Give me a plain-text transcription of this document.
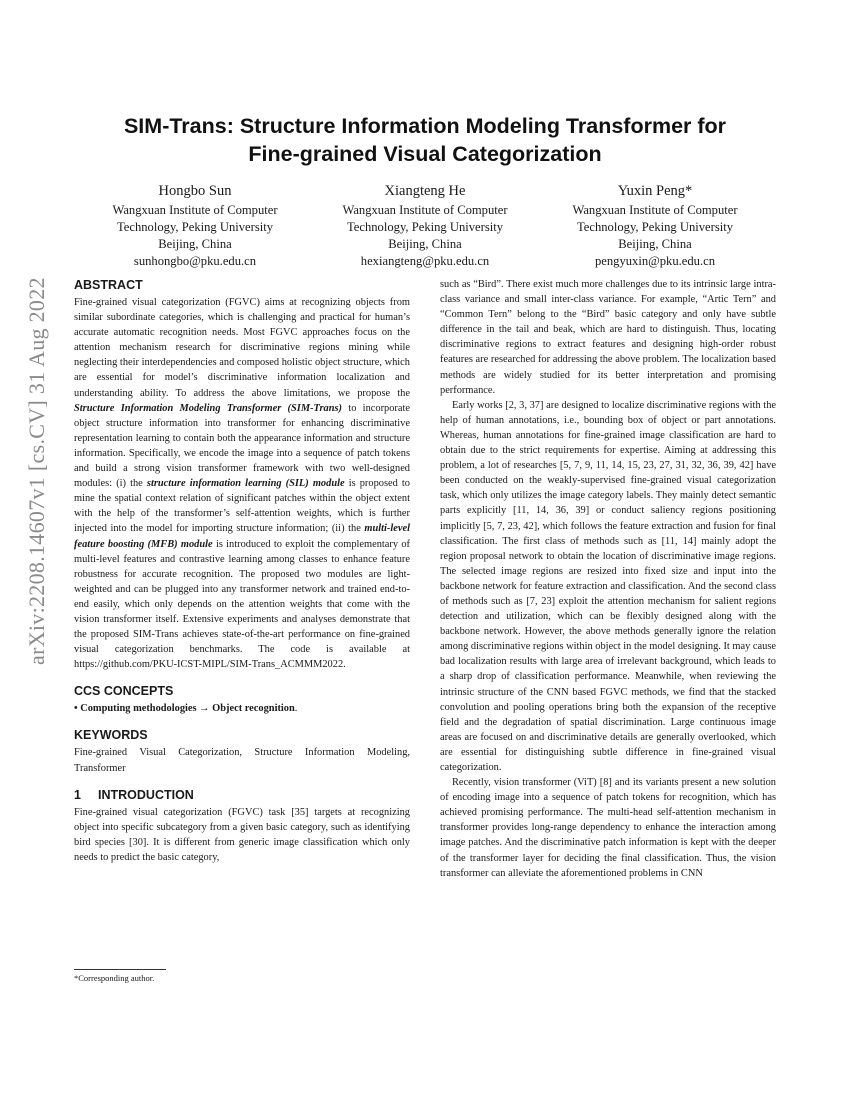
arXiv:2208.14607v1 [cs.CV] 31 Aug 2022
SIM-Trans: Structure Information Modeling Transformer for
Fine-grained Visual Categorization
Hongbo Sun
Wangxuan Institute of Computer
Technology, Peking University
Beijing, China
sunhongbo@pku.edu.cn
Xiangteng He
Wangxuan Institute of Computer
Technology, Peking University
Beijing, China
hexiangteng@pku.edu.cn
Yuxin Peng*
Wangxuan Institute of Computer
Technology, Peking University
Beijing, China
pengyuxin@pku.edu.cn
ABSTRACT

Fine-grained visual categorization (FGVC) aims at recognizing objects from similar subordinate categories, which is challenging and practical for human’s accurate automatic recognition needs. Most FGVC approaches focus on the attention mechanism research for discriminative regions mining while neglecting their interdependencies and composed holistic object structure, which are essential for model’s discriminative information localization and understanding ability. To address the above limitations, we propose the Structure Information Modeling Transformer (SIM-Trans) to incorporate object structure information into transformer for enhancing discriminative representation learning to contain both the appearance information and structure information. Specifically, we encode the image into a sequence of patch tokens and build a strong vision transformer framework with two well-designed modules: (i) the structure information learning (SIL) module is proposed to mine the spatial context relation of significant patches within the object extent with the help of the transformer’s self-attention weights, which is further injected into the model for importing structure information; (ii) the multi-level feature boosting (MFB) module is introduced to exploit the complementary of multi-level features and contrastive learning among classes to enhance feature robustness for accurate recognition. The proposed two modules are light-weighted and can be plugged into any transformer network and trained end-to-end easily, which only depends on the attention weights that come with the vision transformer itself. Extensive experiments and analyses demonstrate that the proposed SIM-Trans achieves state-of-the-art performance on fine-grained visual categorization benchmarks. The code is available at https://github.com/PKU-ICST-MIPL/SIM-Trans_ACMMM2022.

CCS CONCEPTS

• Computing methodologies → Object recognition.

KEYWORDS

Fine-grained Visual Categorization, Structure Information Modeling, Transformer

1 INTRODUCTION

Fine-grained visual categorization (FGVC) task [35] targets at recognizing object into specific subcategory from a given basic category, such as identifying bird species [30]. It is different from generic image classification which only needs to predict the basic category,

*Corresponding author.

such as “Bird”. There exist much more challenges due to its intrinsic large intra-class variance and small inter-class variance. For example, “Artic Tern” and “Common Tern” belong to the “Bird” basic category and only have subtle difference in the tail and beak, which are hard to distinguish. Thus, locating discriminative regions to extract features and designing high-order robust features are researched for addressing the above problem. The localization based methods are widely studied for its better interpretation and promising performance.

Early works [2, 3, 37] are designed to localize discriminative regions with the help of human annotations, i.e., bounding box of object or part annotations. Whereas, human annotations for fine-grained image classification are hard to obtain due to the strict requirements for expertise. Aiming at addressing this problem, a lot of researches [5, 7, 9, 11, 14, 15, 23, 27, 31, 32, 36, 39, 42] have been conducted on the weakly-supervised fine-grained visual categorization task, which only utilizes the image category labels. They mainly detect semantic parts explicitly [11, 14, 36, 39] or conduct saliency regions positioning implicitly [5, 7, 23, 42], which follows the feature extraction and fusion for final classification. The first class of methods such as [11, 14] mainly adopt the region proposal network to obtain the location of discriminative image regions. The selected image regions are resized into fixed size and input into the backbone network for feature extraction and classification. And the second class of methods such as [7, 23] exploit the attention mechanism for salient regions detection and utilization, which can be flexibly designed along with the backbone network. However, the above methods generally ignore the relation among discriminative regions within object in the model designing. It may cause bad localization results with large area of irrelevant background, which leads to a sharp drop of classification performance. Meanwhile, when reviewing the intrinsic structure of the CNN based FGVC methods, we find that the stacked convolution and pooling operations bring both the expansion of the receptive field and the degradation of spatial discrimination. Large continuous image areas are focused on and discriminative details are generally overlooked, which are essential for distinguishing subtle difference in fine-grained visual categorization.

Recently, vision transformer (ViT) [8] and its variants present a new solution of encoding image into a sequence of patch tokens for recognition, which has achieved promising performance. The multi-head self-attention mechanism in transformer provides long-range dependency to enhance the interaction among image patches. And the discriminative patch information is kept with the deeper of the transformer layer for deciding the final classification. Thus, the vision transformer can alleviate the aforementioned problems in CNN
